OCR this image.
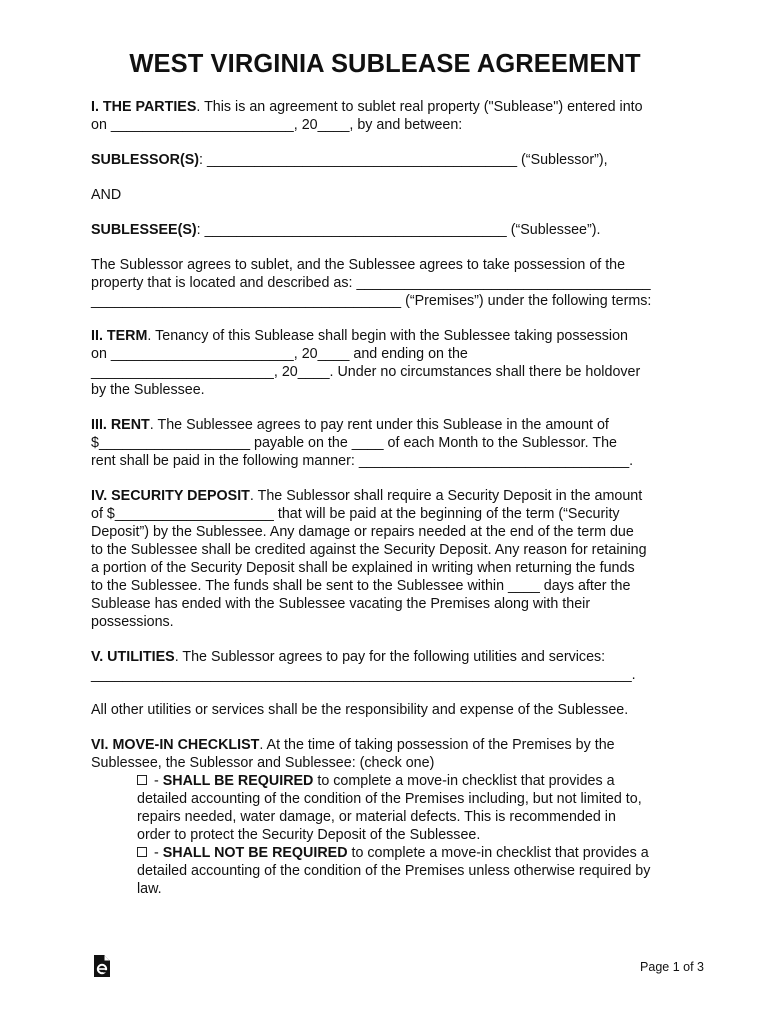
WEST VIRGINIA SUBLEASE AGREEMENT
I. THE PARTIES. This is an agreement to sublet real property ("Sublease") entered into
on _______________________, 20____, by and between:
SUBLESSOR(S): _______________________________________ (“Sublessor”),
AND
SUBLESSEE(S): ______________________________________ (“Sublessee”).
The Sublessor agrees to sublet, and the Sublessee agrees to take possession of the
property that is located and described as: _____________________________________
_______________________________________ (“Premises”) under the following terms:
II. TERM. Tenancy of this Sublease shall begin with the Sublessee taking possession
on _______________________, 20____ and ending on the
_______________________, 20____. Under no circumstances shall there be holdover
by the Sublessee.
III. RENT. The Sublessee agrees to pay rent under this Sublease in the amount of
$___________________ payable on the ____ of each Month to the Sublessor. The
rent shall be paid in the following manner: __________________________________.
IV. SECURITY DEPOSIT. The Sublessor shall require a Security Deposit in the amount
of $____________________ that will be paid at the beginning of the term (“Security
Deposit”) by the Sublessee. Any damage or repairs needed at the end of the term due
to the Sublessee shall be credited against the Security Deposit. Any reason for retaining
a portion of the Security Deposit shall be explained in writing when returning the funds
to the Sublessee. The funds shall be sent to the Sublessee within ____ days after the
Sublease has ended with the Sublessee vacating the Premises along with their
possessions.
V. UTILITIES. The Sublessor agrees to pay for the following utilities and services:
____________________________________________________________________.
All other utilities or services shall be the responsibility and expense of the Sublessee.
VI. MOVE-IN CHECKLIST. At the time of taking possession of the Premises by the
Sublessee, the Sublessor and Sublessee: (check one)
- SHALL BE REQUIRED to complete a move-in checklist that provides a
detailed accounting of the condition of the Premises including, but not limited to,
repairs needed, water damage, or material defects. This is recommended in
order to protect the Security Deposit of the Sublessee.
- SHALL NOT BE REQUIRED to complete a move-in checklist that provides a
detailed accounting of the condition of the Premises unless otherwise required by
law.
Page 1 of 3
